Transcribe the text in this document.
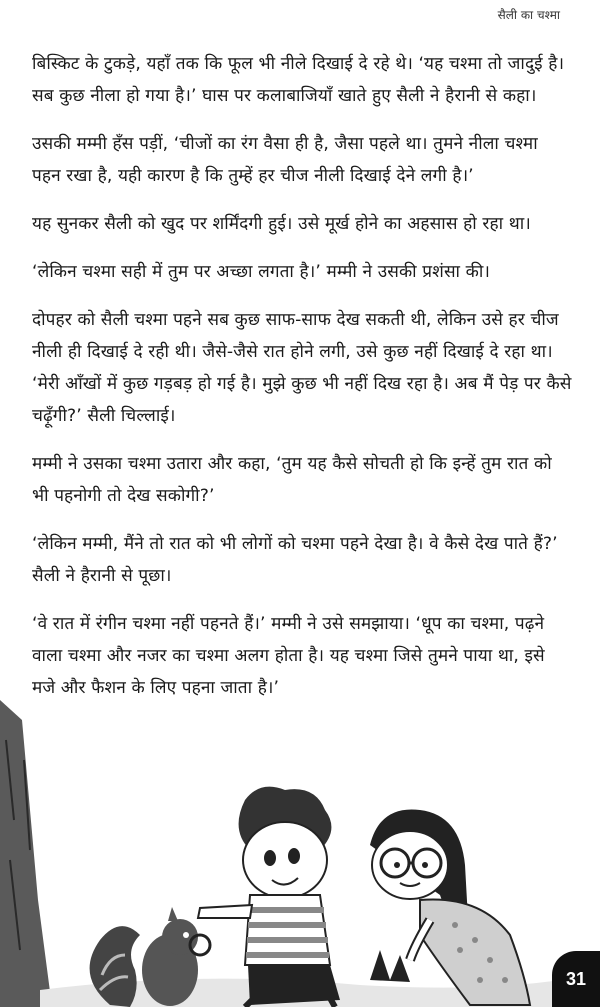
सैली का चश्मा

बिस्किट के टुकड़े, यहाँ तक कि फूल भी नीले दिखाई दे रहे थे। ‘यह चश्मा तो जादुई है। सब कुछ नीला हो गया है।’ घास पर कलाबाजियाँ खाते हुए सैली ने हैरानी से कहा।

उसकी मम्मी हँस पड़ीं, ‘चीजों का रंग वैसा ही है, जैसा पहले था। तुमने नीला चश्मा पहन रखा है, यही कारण है कि तुम्हें हर चीज नीली दिखाई देने लगी है।’

यह सुनकर सैली को खुद पर शर्मिंदगी हुई। उसे मूर्ख होने का अहसास हो रहा था।

‘लेकिन चश्मा सही में तुम पर अच्छा लगता है।’ मम्मी ने उसकी प्रशंसा की।

दोपहर को सैली चश्मा पहने सब कुछ साफ-साफ देख सकती थी, लेकिन उसे हर चीज नीली ही दिखाई दे रही थी। जैसे-जैसे रात होने लगी, उसे कुछ नहीं दिखाई दे रहा था। ‘मेरी आँखों में कुछ गड़बड़ हो गई है। मुझे कुछ भी नहीं दिख रहा है। अब मैं पेड़ पर कैसे चढ़ूँगी?’ सैली चिल्लाई।

मम्मी ने उसका चश्मा उतारा और कहा, ‘तुम यह कैसे सोचती हो कि इन्हें तुम रात को भी पहनोगी तो देख सकोगी?’

‘लेकिन मम्मी, मैंने तो रात को भी लोगों को चश्मा पहने देखा है। वे कैसे देख पाते हैं?’ सैली ने हैरानी से पूछा।

‘वे रात में रंगीन चश्मा नहीं पहनते हैं।’ मम्मी ने उसे समझाया। ‘धूप का चश्मा, पढ़ने वाला चश्मा और नजर का चश्मा अलग होता है। यह चश्मा जिसे तुमने पाया था, इसे मजे और फैशन के लिए पहना जाता है।’

31
